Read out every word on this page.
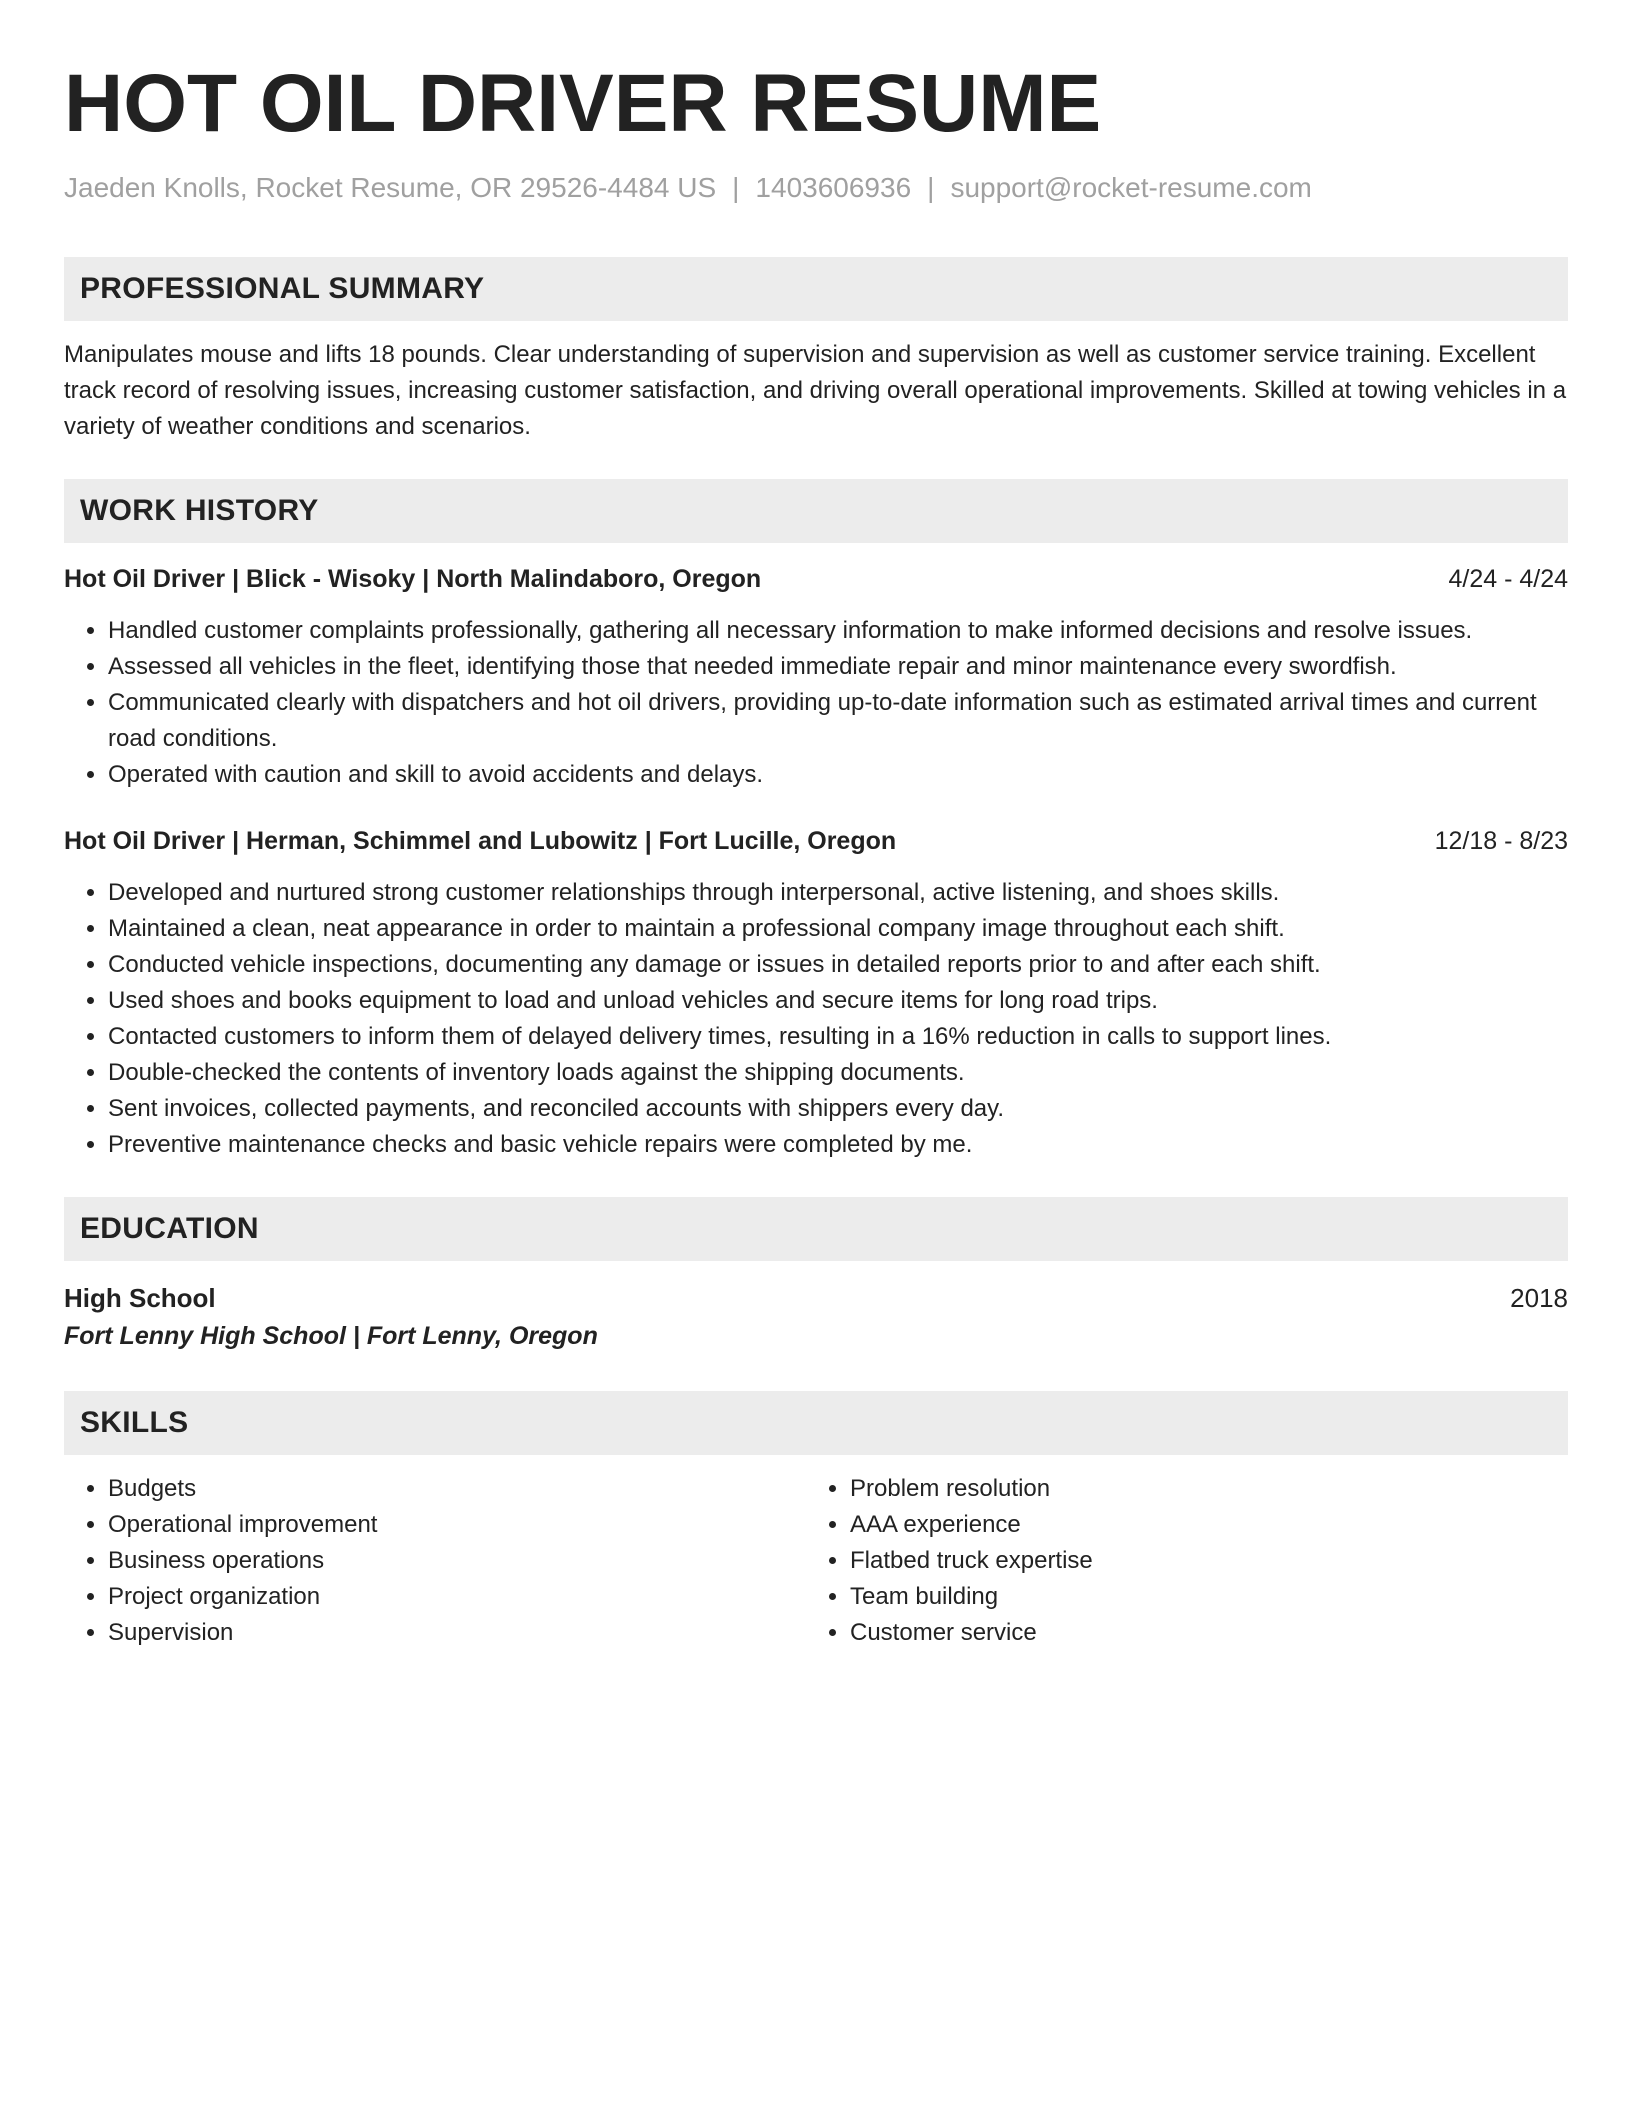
HOT OIL DRIVER RESUME
Jaeden Knolls, Rocket Resume, OR 29526-4484 US | 1403606936 | support@rocket-resume.com
PROFESSIONAL SUMMARY
Manipulates mouse and lifts 18 pounds. Clear understanding of supervision and supervision as well as customer service training. Excellent track record of resolving issues, increasing customer satisfaction, and driving overall operational improvements. Skilled at towing vehicles in a variety of weather conditions and scenarios.
WORK HISTORY
Hot Oil Driver | Blick - Wisoky | North Malindaboro, Oregon	4/24 - 4/24
• Handled customer complaints professionally, gathering all necessary information to make informed decisions and resolve issues.
• Assessed all vehicles in the fleet, identifying those that needed immediate repair and minor maintenance every swordfish.
• Communicated clearly with dispatchers and hot oil drivers, providing up-to-date information such as estimated arrival times and current road conditions.
• Operated with caution and skill to avoid accidents and delays.
Hot Oil Driver | Herman, Schimmel and Lubowitz | Fort Lucille, Oregon	12/18 - 8/23
• Developed and nurtured strong customer relationships through interpersonal, active listening, and shoes skills.
• Maintained a clean, neat appearance in order to maintain a professional company image throughout each shift.
• Conducted vehicle inspections, documenting any damage or issues in detailed reports prior to and after each shift.
• Used shoes and books equipment to load and unload vehicles and secure items for long road trips.
• Contacted customers to inform them of delayed delivery times, resulting in a 16% reduction in calls to support lines.
• Double-checked the contents of inventory loads against the shipping documents.
• Sent invoices, collected payments, and reconciled accounts with shippers every day.
• Preventive maintenance checks and basic vehicle repairs were completed by me.
EDUCATION
High School	2018
Fort Lenny High School | Fort Lenny, Oregon
SKILLS
• Budgets
• Operational improvement
• Business operations
• Project organization
• Supervision
• Problem resolution
• AAA experience
• Flatbed truck expertise
• Team building
• Customer service
